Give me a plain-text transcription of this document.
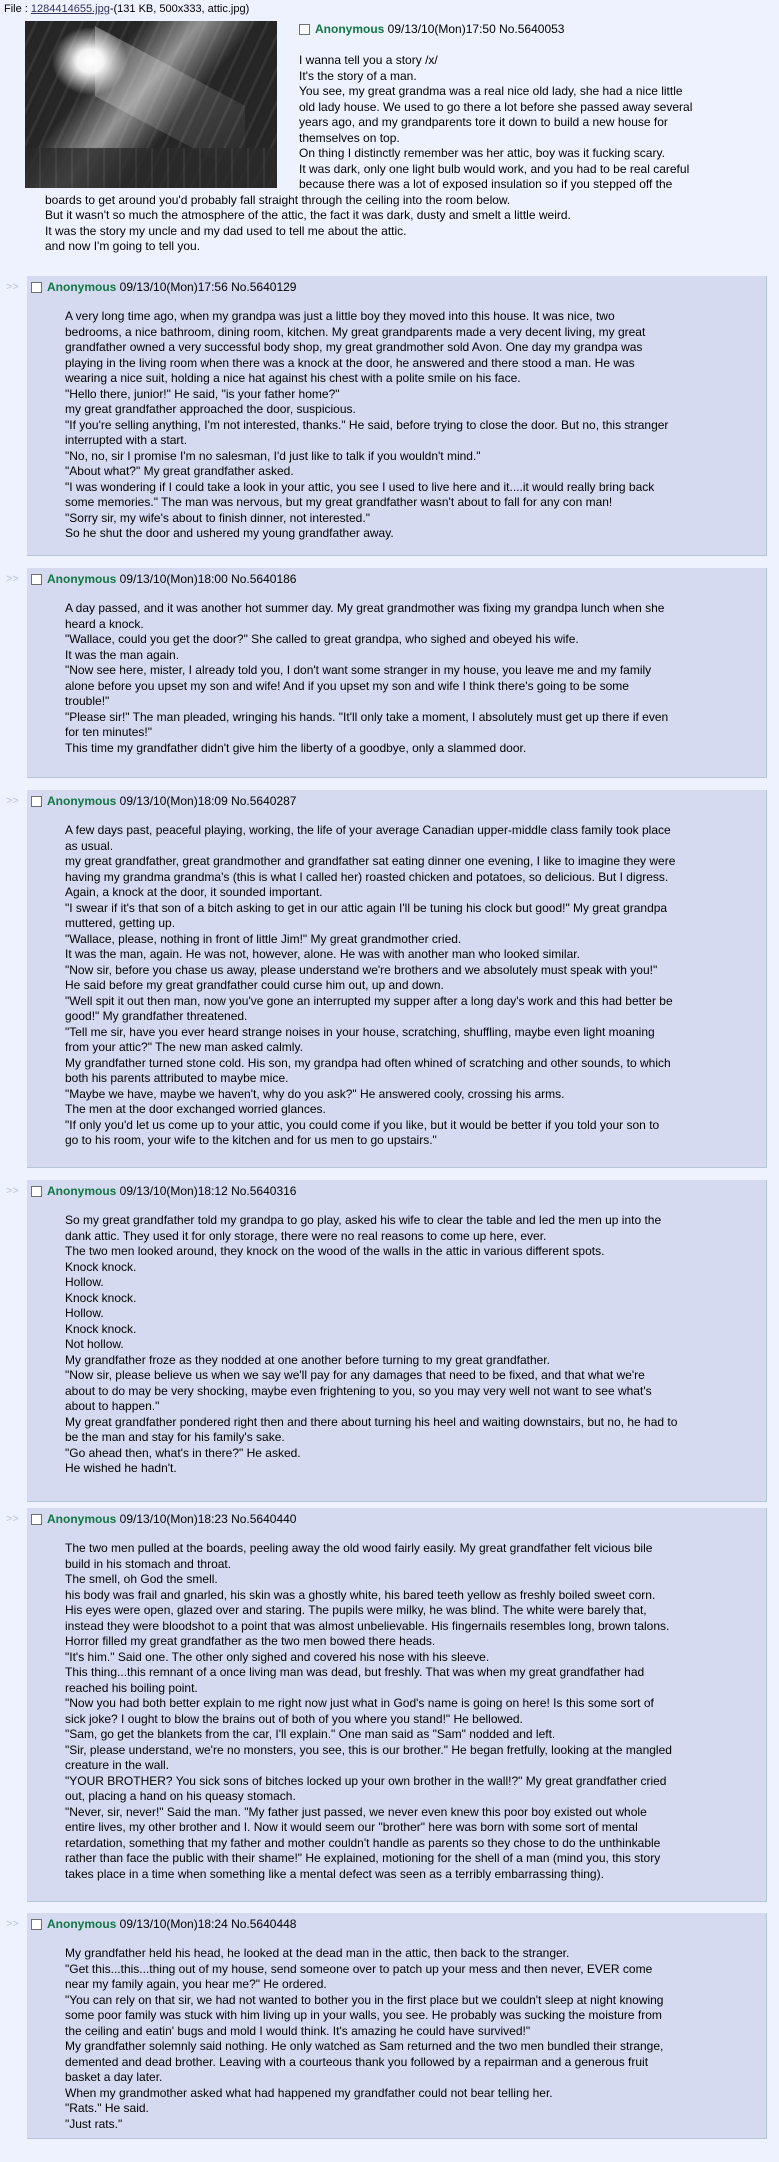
File : 1284414655.jpg-(131 KB, 500x333, attic.jpg)
Anonymous 09/13/10(Mon)17:50 No.5640053
I wanna tell you a story /x/
It's the story of a man.
You see, my great grandma was a real nice old lady, she had a nice little
old lady house. We used to go there a lot before she passed away several
years ago, and my grandparents tore it down to build a new house for
themselves on top.
On thing I distinctly remember was her attic, boy was it fucking scary.
It was dark, only one light bulb would work, and you had to be real careful
because there was a lot of exposed insulation so if you stepped off the
boards to get around you'd probably fall straight through the ceiling into the room below.
But it wasn't so much the atmosphere of the attic, the fact it was dark, dusty and smelt a little weird.
It was the story my uncle and my dad used to tell me about the attic.
and now I'm going to tell you.
>>	Anonymous 09/13/10(Mon)17:56 No.5640129
A very long time ago, when my grandpa was just a little boy they moved into this house. It was nice, two
bedrooms, a nice bathroom, dining room, kitchen. My great grandparents made a very decent living, my great
grandfather owned a very successful body shop, my great grandmother sold Avon. One day my grandpa was
playing in the living room when there was a knock at the door, he answered and there stood a man. He was
wearing a nice suit, holding a nice hat against his chest with a polite smile on his face.
"Hello there, junior!" He said, "is your father home?"
my great grandfather approached the door, suspicious.
"If you're selling anything, I'm not interested, thanks." He said, before trying to close the door. But no, this stranger
interrupted with a start.
"No, no, sir I promise I'm no salesman, I'd just like to talk if you wouldn't mind."
"About what?" My great grandfather asked.
"I was wondering if I could take a look in your attic, you see I used to live here and it....it would really bring back
some memories." The man was nervous, but my great grandfather wasn't about to fall for any con man!
"Sorry sir, my wife's about to finish dinner, not interested."
So he shut the door and ushered my young grandfather away.
>>	Anonymous 09/13/10(Mon)18:00 No.5640186
A day passed, and it was another hot summer day. My great grandmother was fixing my grandpa lunch when she
heard a knock.
"Wallace, could you get the door?" She called to great grandpa, who sighed and obeyed his wife.
It was the man again.
"Now see here, mister, I already told you, I don't want some stranger in my house, you leave me and my family
alone before you upset my son and wife! And if you upset my son and wife I think there's going to be some
trouble!"
"Please sir!" The man pleaded, wringing his hands. "It'll only take a moment, I absolutely must get up there if even
for ten minutes!"
This time my grandfather didn't give him the liberty of a goodbye, only a slammed door.
>>	Anonymous 09/13/10(Mon)18:09 No.5640287
A few days past, peaceful playing, working, the life of your average Canadian upper-middle class family took place
as usual.
my great grandfather, great grandmother and grandfather sat eating dinner one evening, I like to imagine they were
having my grandma grandma's (this is what I called her) roasted chicken and potatoes, so delicious. But I digress.
Again, a knock at the door, it sounded important.
"I swear if it's that son of a bitch asking to get in our attic again I'll be tuning his clock but good!" My great grandpa
muttered, getting up.
"Wallace, please, nothing in front of little Jim!" My great grandmother cried.
It was the man, again. He was not, however, alone. He was with another man who looked similar.
"Now sir, before you chase us away, please understand we're brothers and we absolutely must speak with you!"
He said before my great grandfather could curse him out, up and down.
"Well spit it out then man, now you've gone an interrupted my supper after a long day's work and this had better be
good!" My grandfather threatened.
"Tell me sir, have you ever heard strange noises in your house, scratching, shuffling, maybe even light moaning
from your attic?" The new man asked calmly.
My grandfather turned stone cold. His son, my grandpa had often whined of scratching and other sounds, to which
both his parents attributed to maybe mice.
"Maybe we have, maybe we haven't, why do you ask?" He answered cooly, crossing his arms.
The men at the door exchanged worried glances.
"If only you'd let us come up to your attic, you could come if you like, but it would be better if you told your son to
go to his room, your wife to the kitchen and for us men to go upstairs."
>>	Anonymous 09/13/10(Mon)18:12 No.5640316
So my great grandfather told my grandpa to go play, asked his wife to clear the table and led the men up into the
dank attic. They used it for only storage, there were no real reasons to come up here, ever.
The two men looked around, they knock on the wood of the walls in the attic in various different spots.
Knock knock.
Hollow.
Knock knock.
Hollow.
Knock knock.
Not hollow.
My grandfather froze as they nodded at one another before turning to my great grandfather.
"Now sir, please believe us when we say we'll pay for any damages that need to be fixed, and that what we're
about to do may be very shocking, maybe even frightening to you, so you may very well not want to see what's
about to happen."
My great grandfather pondered right then and there about turning his heel and waiting downstairs, but no, he had to
be the man and stay for his family's sake.
"Go ahead then, what's in there?" He asked.
He wished he hadn't.
>>	Anonymous 09/13/10(Mon)18:23 No.5640440
The two men pulled at the boards, peeling away the old wood fairly easily. My great grandfather felt vicious bile
build in his stomach and throat.
The smell, oh God the smell.
his body was frail and gnarled, his skin was a ghostly white, his bared teeth yellow as freshly boiled sweet corn.
His eyes were open, glazed over and staring. The pupils were milky, he was blind. The white were barely that,
instead they were bloodshot to a point that was almost unbelievable. His fingernails resembles long, brown talons.
Horror filled my great grandfather as the two men bowed there heads.
"It's him." Said one. The other only sighed and covered his nose with his sleeve.
This thing...this remnant of a once living man was dead, but freshly. That was when my great grandfather had
reached his boiling point.
"Now you had both better explain to me right now just what in God's name is going on here! Is this some sort of
sick joke? I ought to blow the brains out of both of you where you stand!" He bellowed.
"Sam, go get the blankets from the car, I'll explain." One man said as "Sam" nodded and left.
"Sir, please understand, we're no monsters, you see, this is our brother." He began fretfully, looking at the mangled
creature in the wall.
"YOUR BROTHER? You sick sons of bitches locked up your own brother in the wall!?" My great grandfather cried
out, placing a hand on his queasy stomach.
"Never, sir, never!" Said the man. "My father just passed, we never even knew this poor boy existed out whole
entire lives, my other brother and I. Now it would seem our "brother" here was born with some sort of mental
retardation, something that my father and mother couldn't handle as parents so they chose to do the unthinkable
rather than face the public with their shame!" He explained, motioning for the shell of a man (mind you, this story
takes place in a time when something like a mental defect was seen as a terribly embarrassing thing).
>>	Anonymous 09/13/10(Mon)18:24 No.5640448
My grandfather held his head, he looked at the dead man in the attic, then back to the stranger.
"Get this...this...thing out of my house, send someone over to patch up your mess and then never, EVER come
near my family again, you hear me?" He ordered.
"You can rely on that sir, we had not wanted to bother you in the first place but we couldn't sleep at night knowing
some poor family was stuck with him living up in your walls, you see. He probably was sucking the moisture from
the ceiling and eatin' bugs and mold I would think. It's amazing he could have survived!"
My grandfather solemnly said nothing. He only watched as Sam returned and the two men bundled their strange,
demented and dead brother. Leaving with a courteous thank you followed by a repairman and a generous fruit
basket a day later.
When my grandmother asked what had happened my grandfather could not bear telling her.
"Rats." He said.
"Just rats."
